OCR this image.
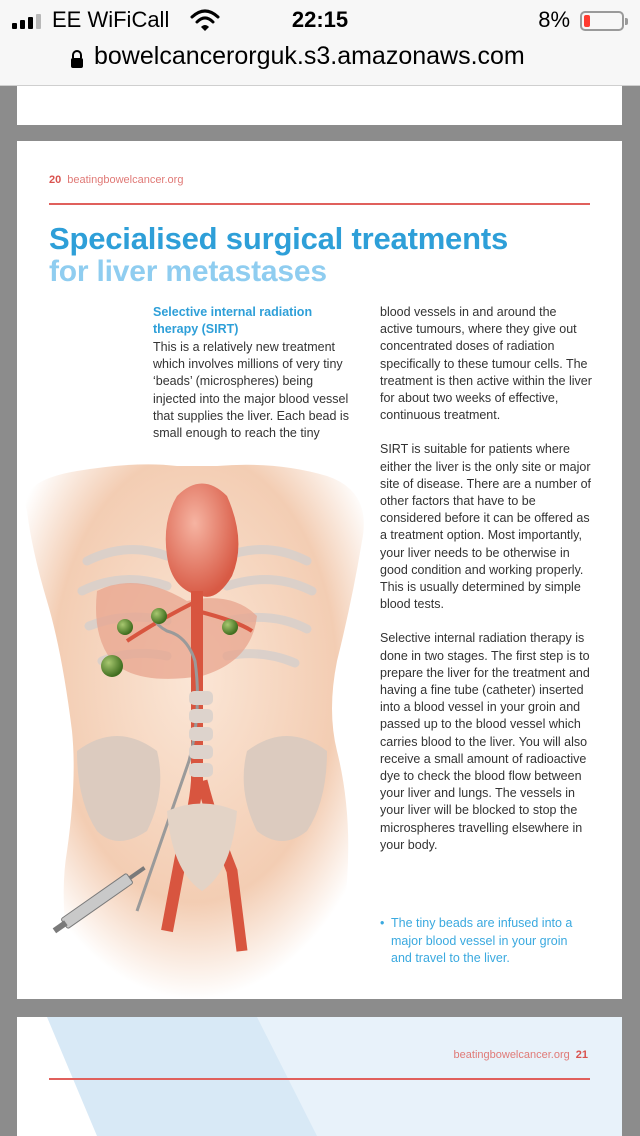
EE WiFiCall	22:15	8%
bowelcancerorguk.s3.amazonaws.com
20 beatingbowelcancer.org
Specialised surgical treatments
for liver metastases
Selective internal radiation therapy (SIRT)
This is a relatively new treatment which involves millions of very tiny ‘beads’ (microspheres) being injected into the major blood vessel that supplies the liver. Each bead is small enough to reach the tiny

blood vessels in and around the active tumours, where they give out concentrated doses of radiation specifically to these tumour cells. The treatment is then active within the liver for about two weeks of effective, continuous treatment.

SIRT is suitable for patients where either the liver is the only site or major site of disease. There are a number of other factors that have to be considered before it can be offered as a treatment option. Most importantly, your liver needs to be otherwise in good condition and working properly. This is usually determined by simple blood tests.

Selective internal radiation therapy is done in two stages. The first step is to prepare the liver for the treatment and having a fine tube (catheter) inserted into a blood vessel in your groin and passed up to the blood vessel which carries blood to the liver. You will also receive a small amount of radioactive dye to check the blood flow between your liver and lungs. The vessels in your liver will be blocked to stop the microspheres travelling elsewhere in your body.

• The tiny beads are infused into a major blood vessel in your groin and travel to the liver.
beatingbowelcancer.org 21
